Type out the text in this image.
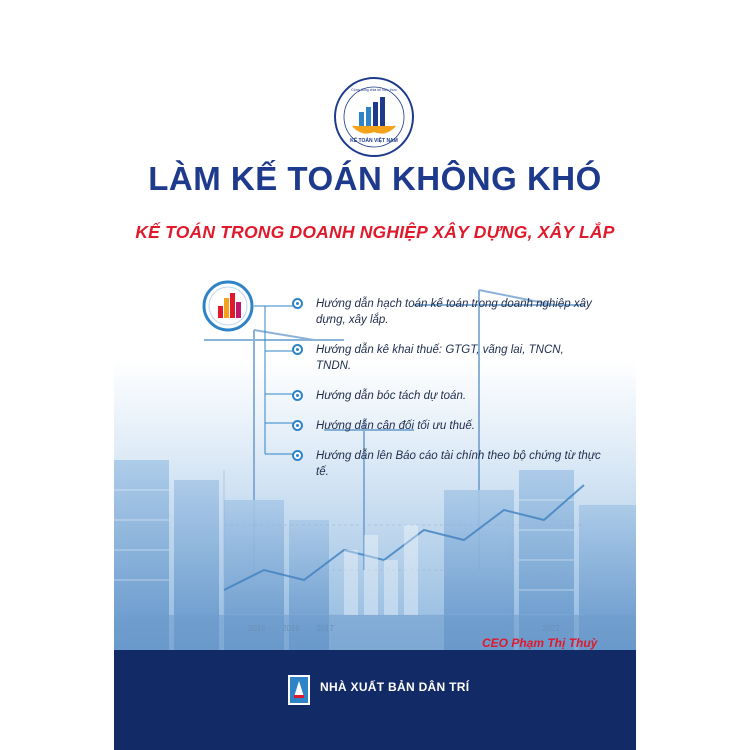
2015 2016 2017	2022
KẾ TOÁN VIỆT NAM
Cộng đồng chia sẻ kiến thức
LÀM KẾ TOÁN KHÔNG KHÓ
KẾ TOÁN TRONG DOANH NGHIỆP XÂY DỰNG, XÂY LẮP
Hướng dẫn hạch toán kế toán trong doanh nghiệp xây dựng, xây lắp.
Hướng dẫn kê khai thuế: GTGT, vãng lai, TNCN, TNDN.
Hướng dẫn bóc tách dự toán.
Hướng dẫn cân đối tối ưu thuế.
Hướng dẫn lên Báo cáo tài chính theo bộ chứng từ thực tế.
CEO Phạm Thị Thuỳ
NHÀ XUẤT BẢN DÂN TRÍ
